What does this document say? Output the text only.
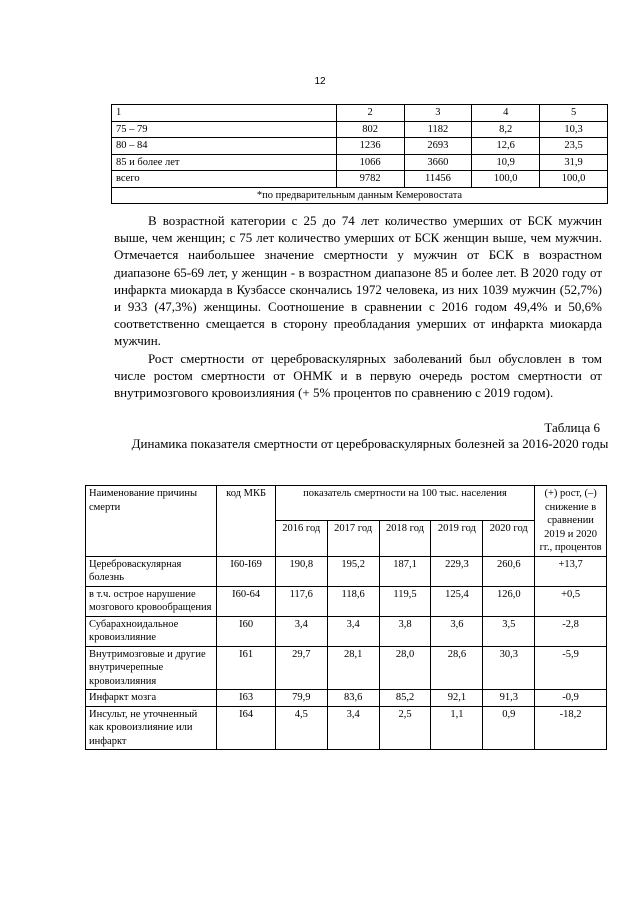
12
1	2	3	4	5
75 – 79	802	1182	8,2	10,3
80 – 84	1236	2693	12,6	23,5
85 и более лет	1066	3660	10,9	31,9
всего	9782	11456	100,0	100,0
*по предварительным данным Кемеровостата				

В возрастной категории с 25 до 74 лет количество умерших от БСК мужчин выше, чем женщин; с 75 лет количество умерших от БСК женщин выше, чем мужчин. Отмечается наибольшее значение смертности у мужчин от БСК в возрастном диапазоне 65-69 лет, у женщин - в возрастном диапазоне 85 и более лет. В 2020 году от инфаркта миокарда в Кузбассе скончались 1972 человека, из них 1039 мужчин (52,7%) и 933 (47,3%) женщины. Соотношение в сравнении с 2016 годом 49,4% и 50,6% соответственно смещается в сторону преобладания умерших от инфаркта миокарда мужчин.

Рост смертности от цереброваскулярных заболеваний был обусловлен в том числе ростом смертности от ОНМК и в первую очередь ростом смертности от внутримозгового кровоизлияния (+ 5% процентов по сравнению с 2019 годом).

Таблица 6
Динамика показателя смертности от цереброваскулярных болезней за 2016-2020 годы
Наименование причины смерти	код МКБ	показатель смертности на 100 тыс. населения					(+) рост, (–) снижение в сравнении 2019 и 2020 гг., процентов
		2016 год	2017 год	2018 год	2019 год	2020 год	
Цереброваскулярная болезнь	I60-I69	190,8	195,2	187,1	229,3	260,6	+13,7
в т.ч. острое нарушение мозгового кровообращения	I60-64	117,6	118,6	119,5	125,4	126,0	+0,5
Субарахноидальное кровоизлияние	I60	3,4	3,4	3,8	3,6	3,5	-2,8
Внутримозговые и другие внутричерепные кровоизлияния	I61	29,7	28,1	28,0	28,6	30,3	-5,9
Инфаркт мозга	I63	79,9	83,6	85,2	92,1	91,3	-0,9
Инсульт, не уточненный как кровоизлияние или инфаркт	I64	4,5	3,4	2,5	1,1	0,9	-18,2
